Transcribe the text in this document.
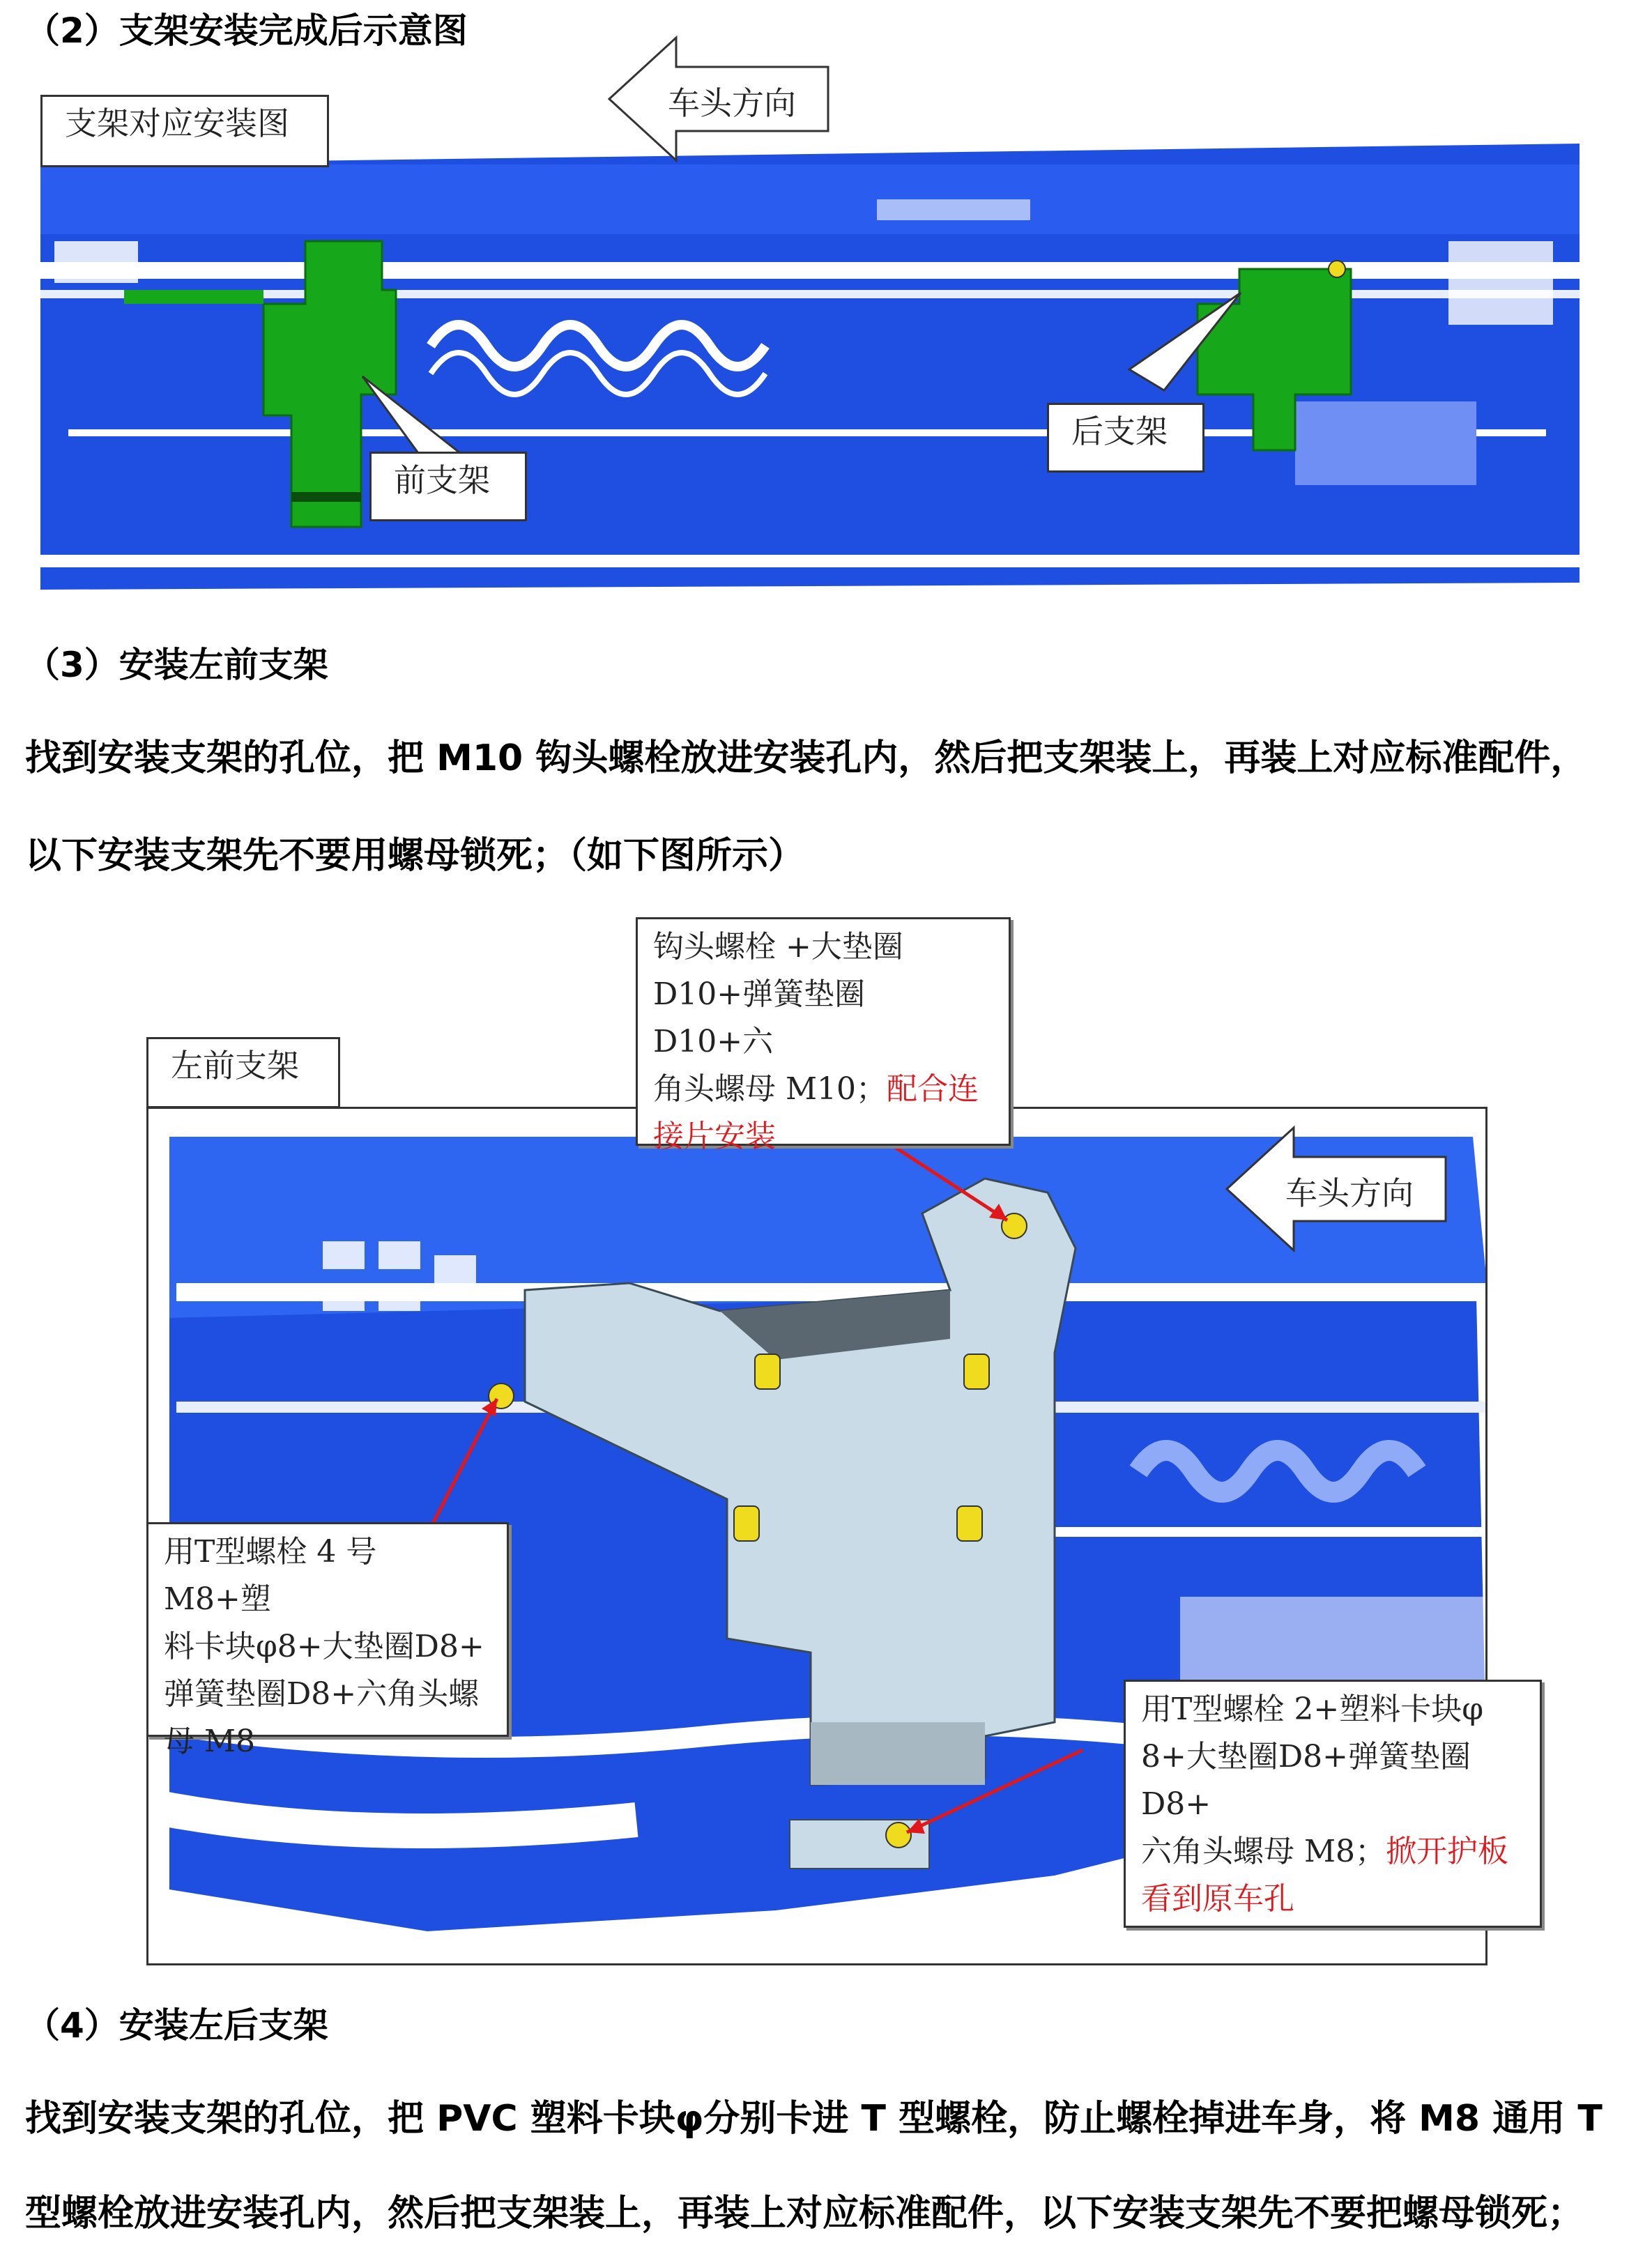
（2）支架安装完成后示意图
支架对应安装图
车头方向
前支架
后支架
（3）安装左前支架
找到安装支架的孔位，把 M10 钩头螺栓放进安装孔内，然后把支架装上，再装上对应标准配件，
以下安装支架先不要用螺母锁死；（如下图所示）
左前支架
车头方向
钩头螺栓 +大垫圈
D10+弹簧垫圈 D10+六
角头螺母 M10；配合连
接片安装
用T型螺栓 4 号 M8+塑
料卡块φ8+大垫圈D8+
弹簧垫圈D8+六角头螺
母 M8
用T型螺栓 2+塑料卡块φ
8+大垫圈D8+弹簧垫圈D8+
六角头螺母 M8；掀开护板
看到原车孔
（4）安装左后支架
找到安装支架的孔位，把 PVC 塑料卡块φ分别卡进 T 型螺栓，防止螺栓掉进车身，将 M8 通用 T
型螺栓放进安装孔内，然后把支架装上，再装上对应标准配件，以下安装支架先不要把螺母锁死；
